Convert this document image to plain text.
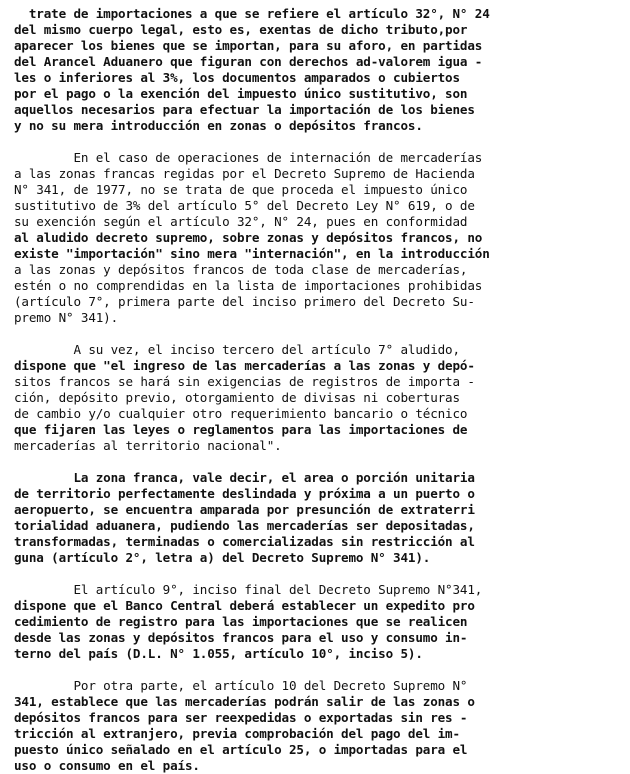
trate de importaciones a que se refiere el artículo 32°, N° 24
del mismo cuerpo legal, esto es, exentas de dicho tributo,por
aparecer los bienes que se importan, para su aforo, en partidas
del Arancel Aduanero que figuran con derechos ad-valorem igua -
les o inferiores al 3%, los documentos amparados o cubiertos
por el pago o la exención del impuesto único sustitutivo, son
aquellos necesarios para efectuar la importación de los bienes
y no su mera introducción en zonas o depósitos francos.
En el caso de operaciones de internación de mercaderías
a las zonas francas regidas por el Decreto Supremo de Hacienda
N° 341, de 1977, no se trata de que proceda el impuesto único
sustitutivo de 3% del artículo 5° del Decreto Ley N° 619, o de
su exención según el artículo 32°, N° 24, pues en conformidad
al aludido decreto supremo, sobre zonas y depósitos francos, no
existe "importación" sino mera "internación", en la introducción
a las zonas y depósitos francos de toda clase de mercaderías,
estén o no comprendidas en la lista de importaciones prohibidas
(artículo 7°, primera parte del inciso primero del Decreto Su-
premo N° 341).
A su vez, el inciso tercero del artículo 7° aludido,
dispone que "el ingreso de las mercaderías a las zonas y depó-
sitos francos se hará sin exigencias de registros de importa -
ción, depósito previo, otorgamiento de divisas ni coberturas
de cambio y/o cualquier otro requerimiento bancario o técnico
que fijaren las leyes o reglamentos para las importaciones de
mercaderías al territorio nacional".
La zona franca, vale decir, el area o porción unitaria
de territorio perfectamente deslindada y próxima a un puerto o
aeropuerto, se encuentra amparada por presunción de extraterri
torialidad aduanera, pudiendo las mercaderías ser depositadas,
transformadas, terminadas o comercializadas sin restricción al
guna (artículo 2°, letra a) del Decreto Supremo N° 341).
El artículo 9°, inciso final del Decreto Supremo N°341,
dispone que el Banco Central deberá establecer un expedito pro
cedimiento de registro para las importaciones que se realicen
desde las zonas y depósitos francos para el uso y consumo in-
terno del país (D.L. N° 1.055, artículo 10°, inciso 5).
Por otra parte, el artículo 10 del Decreto Supremo N°
341, establece que las mercaderías podrán salir de las zonas o
depósitos francos para ser reexpedidas o exportadas sin res -
tricción al extranjero, previa comprobación del pago del im-
puesto único señalado en el artículo 25, o importadas para el
uso o consumo en el país.
